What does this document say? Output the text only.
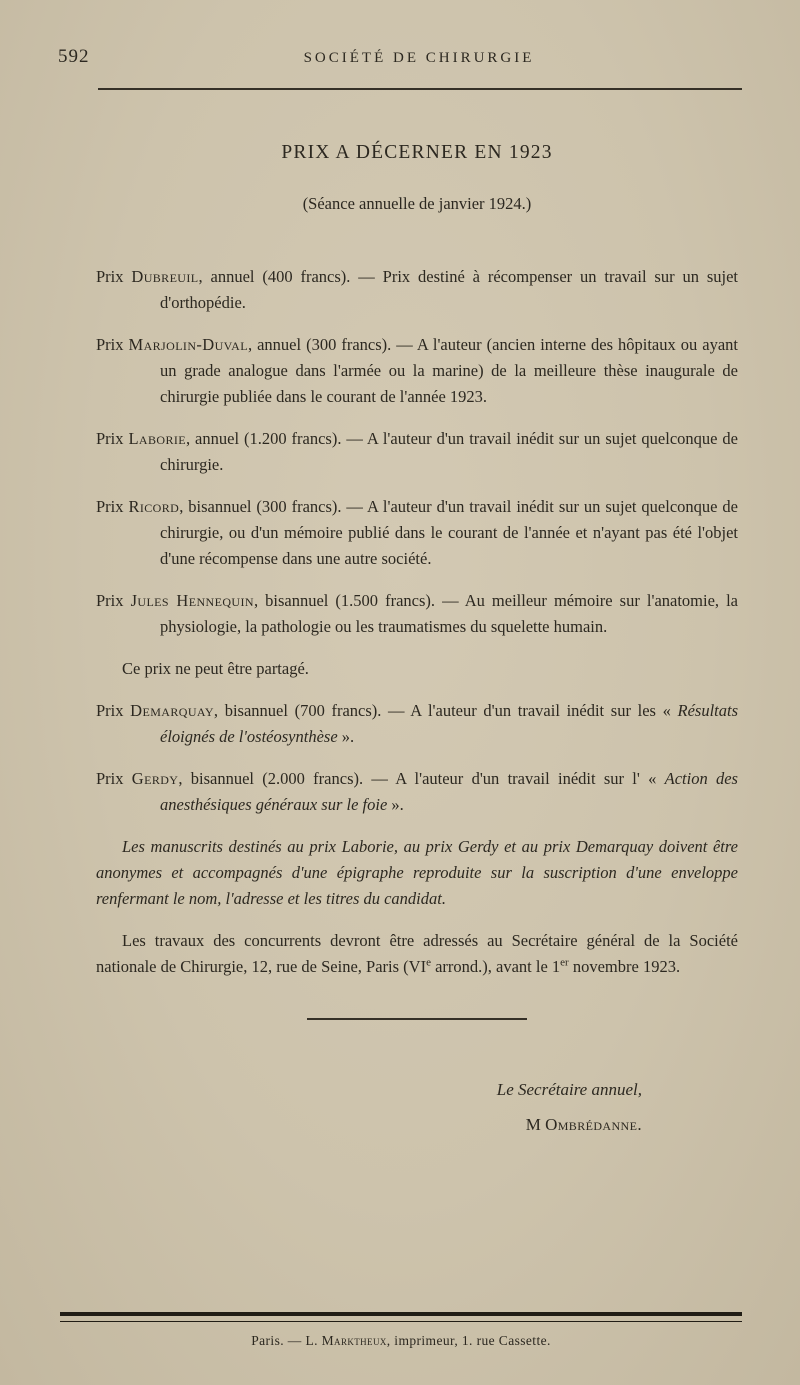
592	SOCIÉTÉ DE CHIRURGIE
PRIX A DÉCERNER EN 1923
(Séance annuelle de janvier 1924.)

Prix Dubreuil, annuel (400 francs). — Prix destiné à récompenser un travail sur un sujet d'orthopédie.

Prix Marjolin-Duval, annuel (300 francs). — A l'auteur (ancien interne des hôpitaux ou ayant un grade analogue dans l'armée ou la marine) de la meilleure thèse inaugurale de chirurgie publiée dans le courant de l'année 1923.

Prix Laborie, annuel (1.200 francs). — A l'auteur d'un travail inédit sur un sujet quelconque de chirurgie.

Prix Ricord, bisannuel (300 francs). — A l'auteur d'un travail inédit sur un sujet quelconque de chirurgie, ou d'un mémoire publié dans le courant de l'année et n'ayant pas été l'objet d'une récompense dans une autre société.

Prix Jules Hennequin, bisannuel (1.500 francs). — Au meilleur mémoire sur l'anatomie, la physiologie, la pathologie ou les traumatismes du squelette humain.

Ce prix ne peut être partagé.

Prix Demarquay, bisannuel (700 francs). — A l'auteur d'un travail inédit sur les « Résultats éloignés de l'ostéosynthèse ».

Prix Gerdy, bisannuel (2.000 francs). — A l'auteur d'un travail inédit sur l' « Action des anesthésiques généraux sur le foie ».

Les manuscrits destinés au prix Laborie, au prix Gerdy et au prix Demarquay doivent être anonymes et accompagnés d'une épigraphe reproduite sur la suscription d'une enveloppe renfermant le nom, l'adresse et les titres du candidat.

Les travaux des concurrents devront être adressés au Secrétaire général de la Société nationale de Chirurgie, 12, rue de Seine, Paris (VIe arrond.), avant le 1er novembre 1923.

Le Secrétaire annuel,
M Ombrédanne.
Paris. — L. Marktheux, imprimeur, 1. rue Cassette.
